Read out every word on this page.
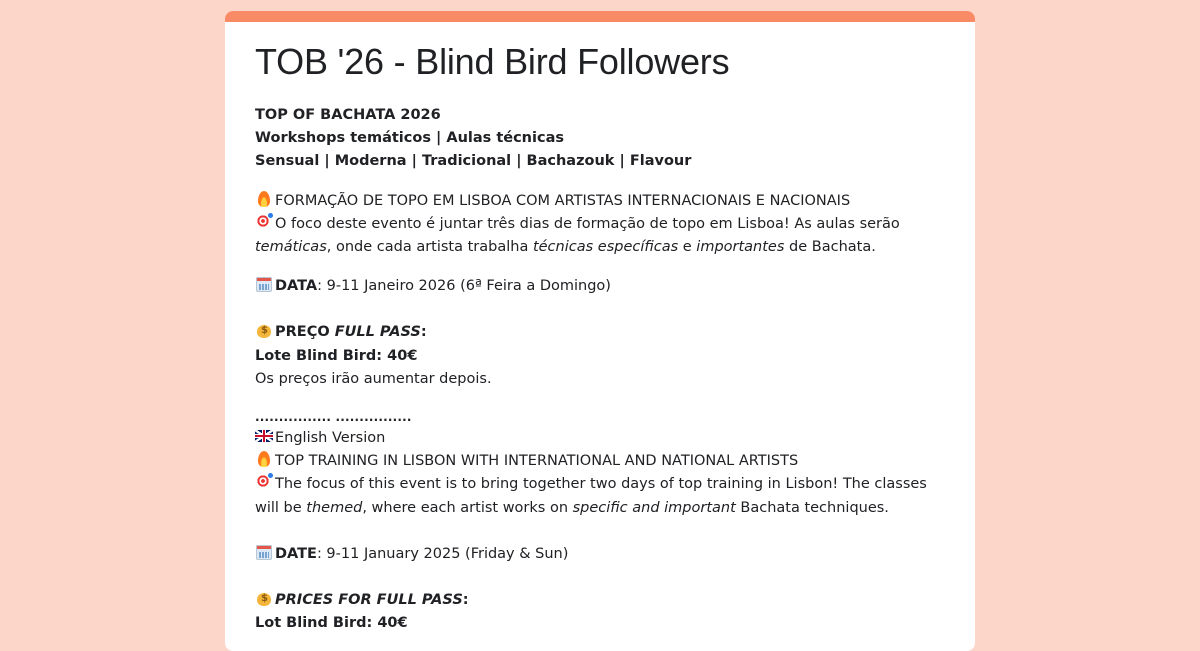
TOB '26 - Blind Bird Followers
TOP OF BACHATA 2026
Workshops temáticos | Aulas técnicas
Sensual | Moderna | Tradicional | Bachazouk | Flavour
FORMAÇÃO DE TOPO EM LISBOA COM ARTISTAS INTERNACIONAIS E NACIONAIS
O foco deste evento é juntar três dias de formação de topo em Lisboa! As aulas serão temáticas, onde cada artista trabalha técnicas específicas e importantes de Bachata.
DATA: 9-11 Janeiro 2026 (6ª Feira a Domingo)
$PREÇO FULL PASS:
Lote Blind Bird: 40€
Os preços irão aumentar depois.
................ ................
English Version
TOP TRAINING IN LISBON WITH INTERNATIONAL AND NATIONAL ARTISTS
The focus of this event is to bring together two days of top training in Lisbon! The classes will be themed, where each artist works on specific and important Bachata techniques.
DATE: 9-11 January 2025 (Friday & Sun)
$PRICES FOR FULL PASS:
Lot Blind Bird: 40€
